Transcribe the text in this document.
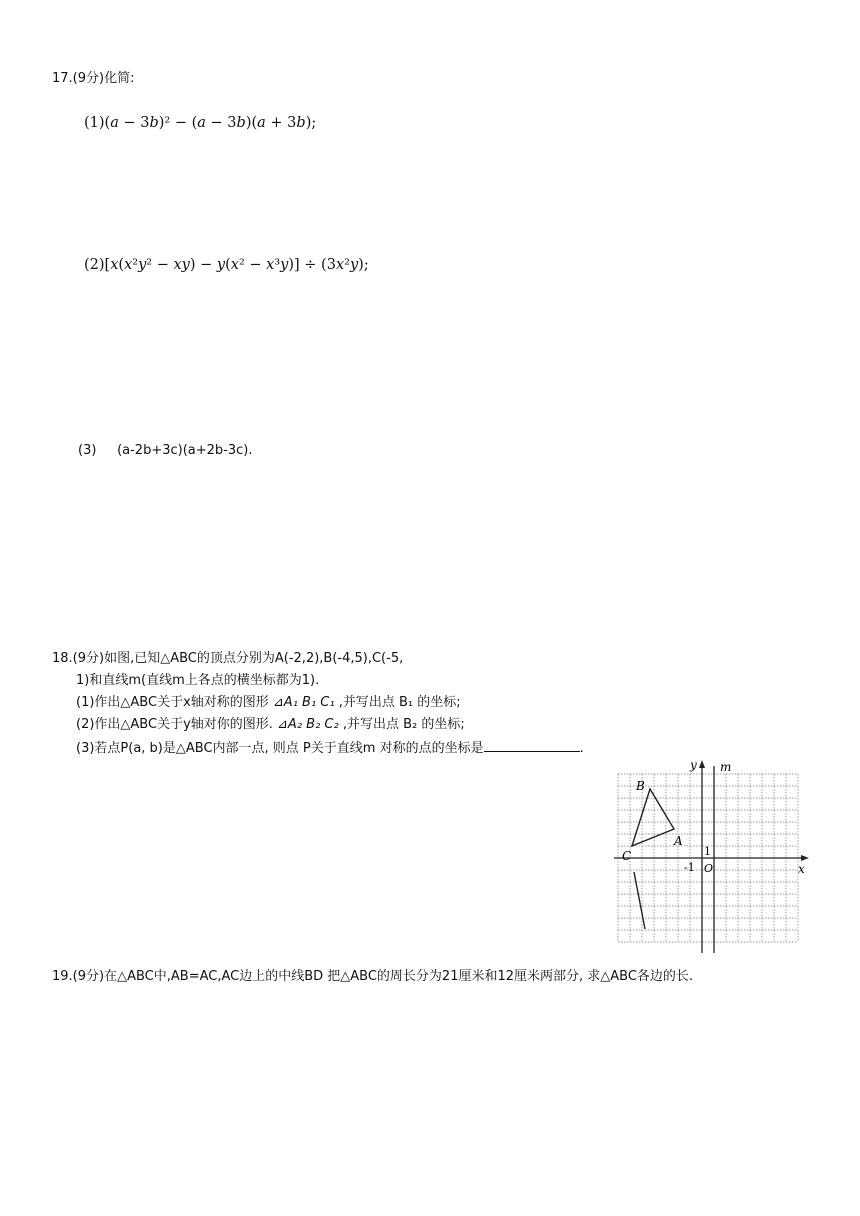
17.(9分)化简:
(1)(a − 3b)² − (a − 3b)(a + 3b);
(2)[x(x²y² − xy) − y(x² − x³y)] ÷ (3x²y);
(3)     (a-2b+3c)(a+2b-3c).
18.(9分)如图,已知△ABC的顶点分别为A(-2,2),B(-4,5),C(-5,
1)和直线m(直线m上各点的横坐标都为1).
(1)作出△ABC关于x轴对称的图形 ⊿A₁ B₁ C₁ ,并写出点 B₁ 的坐标;
(2)作出△ABC关于y轴对你的图形. ⊿A₂ B₂ C₂ ,并写出点 B₂ 的坐标;
(3)若点P(a, b)是△ABC内部一点, 则点 P关于直线m 对称的点的坐标是	.
y m
x
B
A
C	1
-1 O
19.(9分)在△ABC中,AB=AC,AC边上的中线BD 把△ABC的周长分为21厘米和12厘米两部分, 求△ABC各边的长.
